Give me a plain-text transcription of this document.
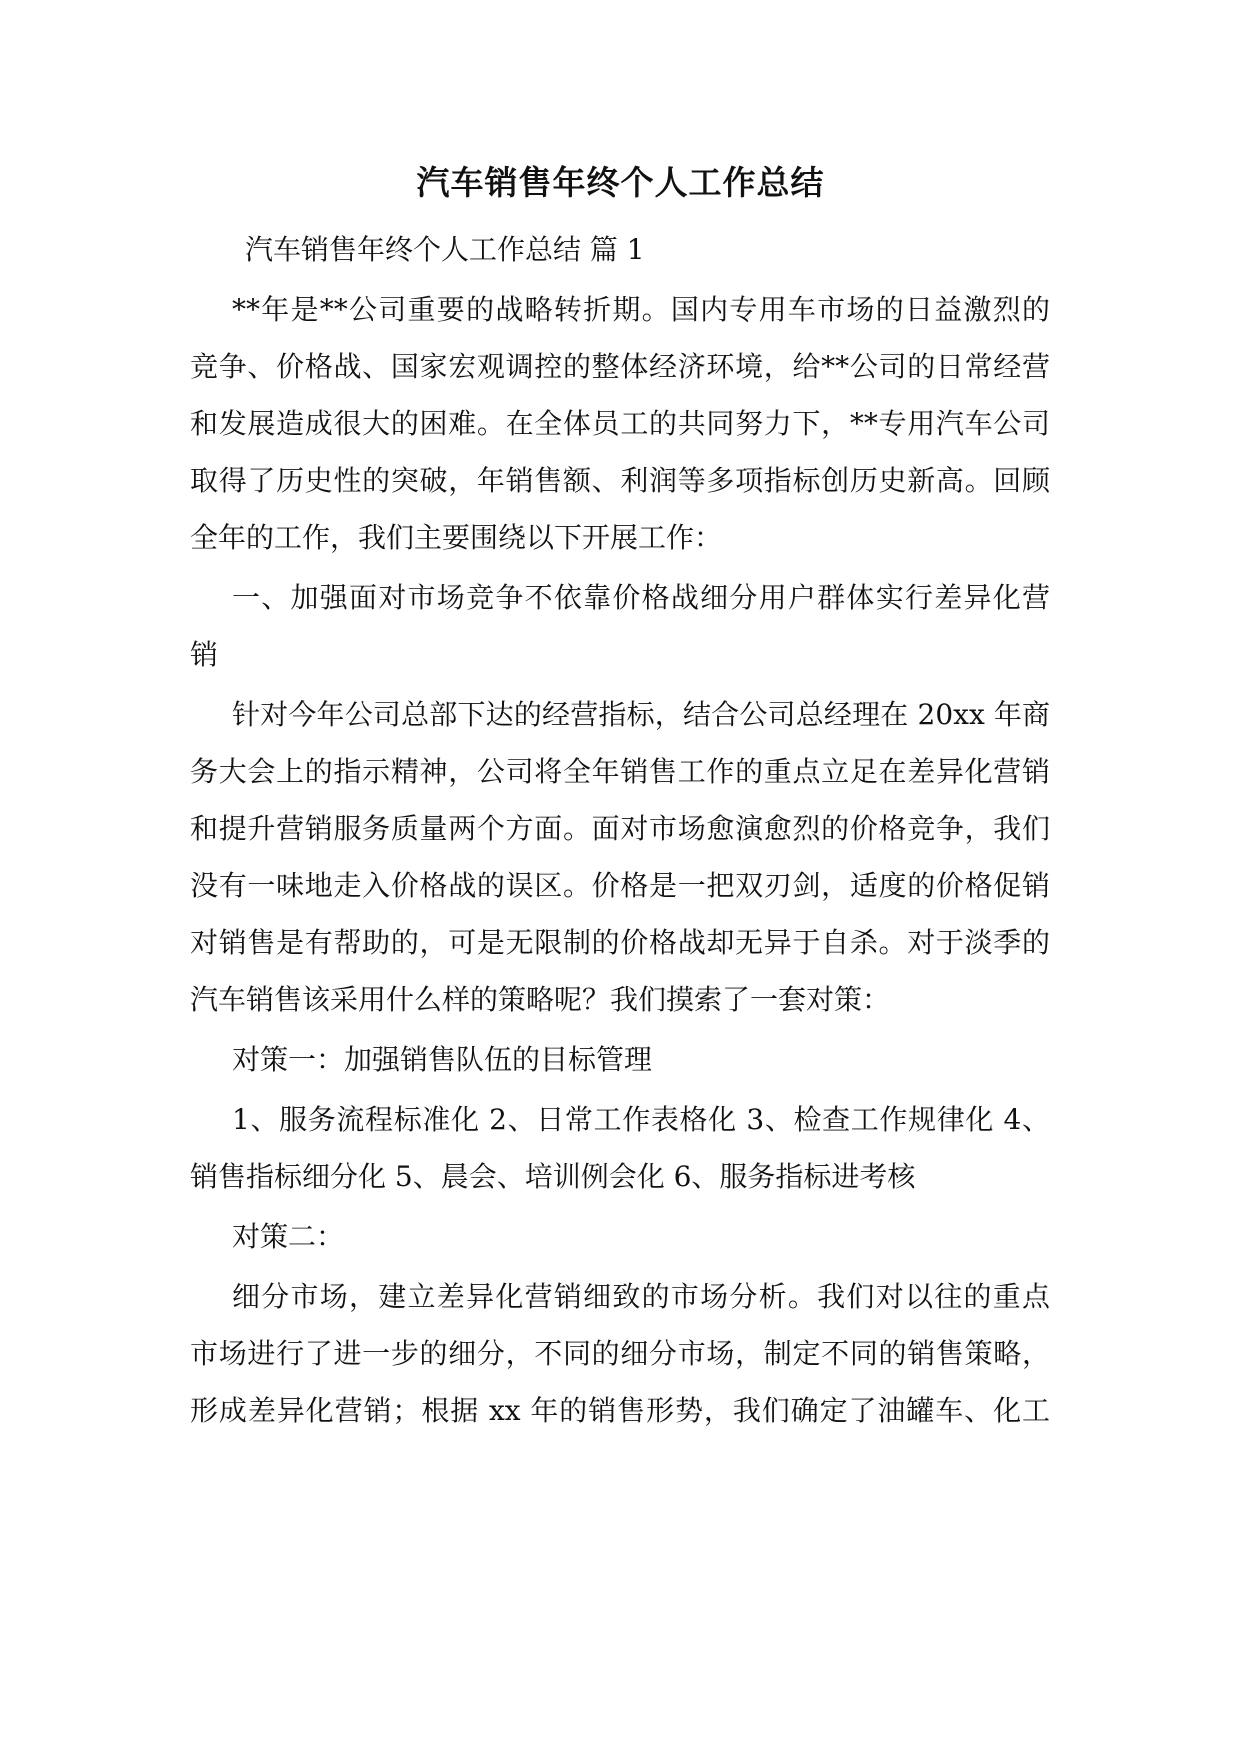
汽车销售年终个人工作总结
汽车销售年终个人工作总结 篇 1
**年是**公司重要的战略转折期。国内专用车市场的日益激烈的
竞争、价格战、国家宏观调控的整体经济环境，给**公司的日常经营
和发展造成很大的困难。在全体员工的共同努力下，**专用汽车公司
取得了历史性的突破，年销售额、利润等多项指标创历史新高。回顾
全年的工作，我们主要围绕以下开展工作：
一、加强面对市场竞争不依靠价格战细分用户群体实行差异化营
销
针对今年公司总部下达的经营指标，结合公司总经理在 20xx 年商
务大会上的指示精神，公司将全年销售工作的重点立足在差异化营销
和提升营销服务质量两个方面。面对市场愈演愈烈的价格竞争，我们
没有一味地走入价格战的误区。价格是一把双刃剑，适度的价格促销
对销售是有帮助的，可是无限制的价格战却无异于自杀。对于淡季的
汽车销售该采用什么样的策略呢？我们摸索了一套对策：
对策一：加强销售队伍的目标管理
1、服务流程标准化 2、日常工作表格化 3、检查工作规律化 4、
销售指标细分化 5、晨会、培训例会化 6、服务指标进考核
对策二：
细分市场，建立差异化营销细致的市场分析。我们对以往的重点
市场进行了进一步的细分，不同的细分市场，制定不同的销售策略，
形成差异化营销；根据 xx 年的销售形势，我们确定了油罐车、化工
